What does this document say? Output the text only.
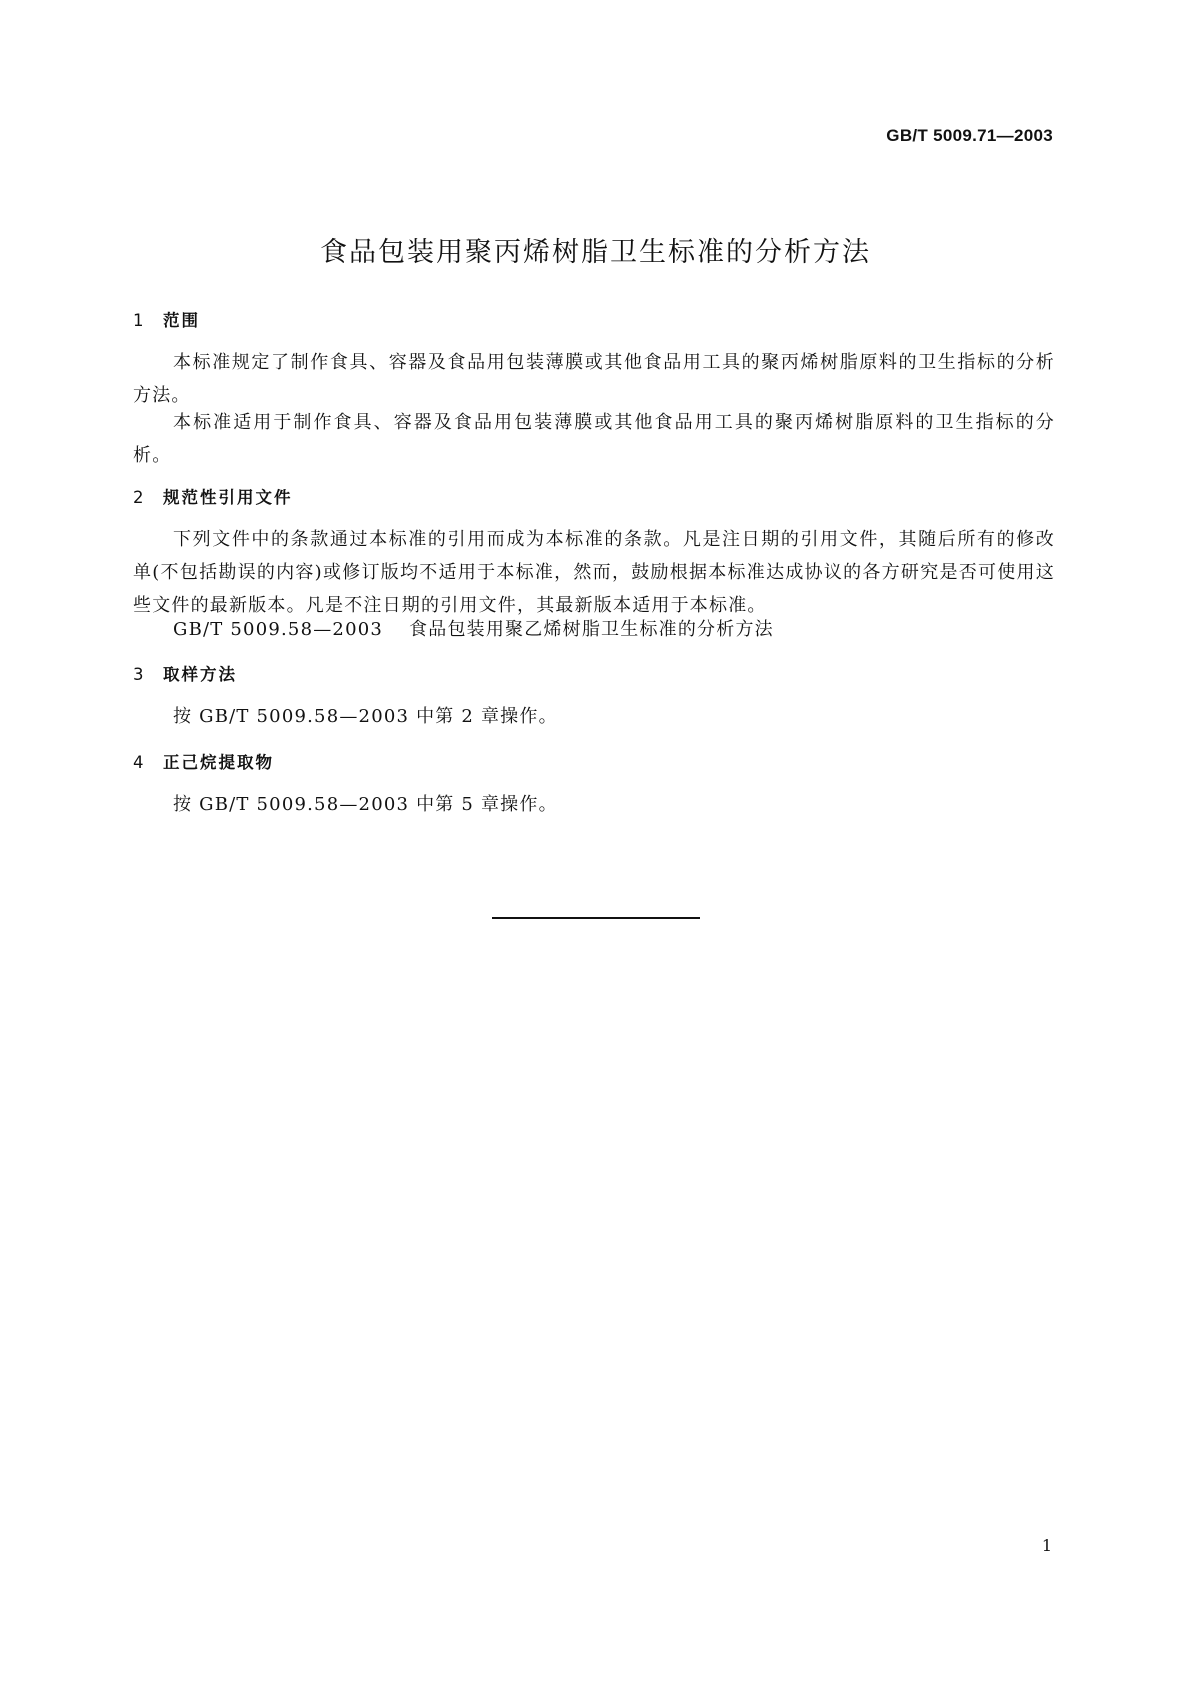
GB/T 5009.71—2003
食品包装用聚丙烯树脂卫生标准的分析方法
1 范围
本标准规定了制作食具、容器及食品用包装薄膜或其他食品用工具的聚丙烯树脂原料的卫生指标的分析方法。
本标准适用于制作食具、容器及食品用包装薄膜或其他食品用工具的聚丙烯树脂原料的卫生指标的分析。
2 规范性引用文件
下列文件中的条款通过本标准的引用而成为本标准的条款。凡是注日期的引用文件，其随后所有的修改单(不包括勘误的内容)或修订版均不适用于本标准，然而，鼓励根据本标准达成协议的各方研究是否可使用这些文件的最新版本。凡是不注日期的引用文件，其最新版本适用于本标准。
GB/T 5009.58—2003 食品包装用聚乙烯树脂卫生标准的分析方法
3 取样方法
按 GB/T 5009.58—2003 中第 2 章操作。
4 正己烷提取物
按 GB/T 5009.58—2003 中第 5 章操作。
1
